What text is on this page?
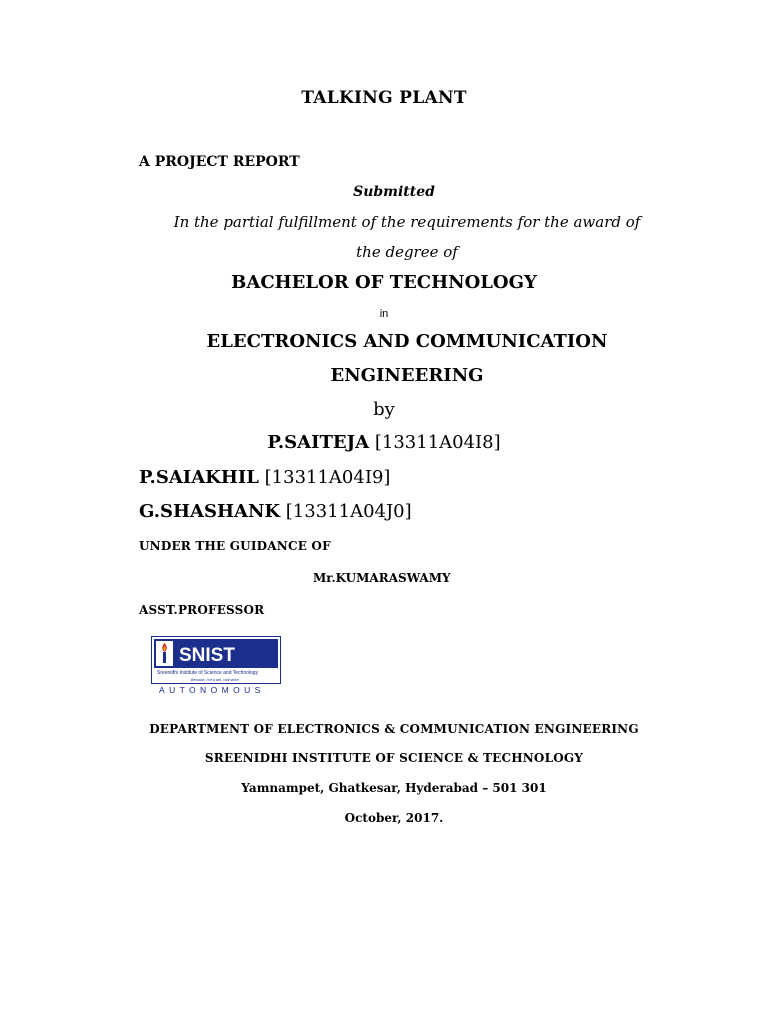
TALKING PLANT
A PROJECT REPORT
Submitted
In the partial fulfillment of the requirements for the award of
the degree of
BACHELOR OF TECHNOLOGY
in
ELECTRONICS AND COMMUNICATION
ENGINEERING
by
P.SAITEJA [13311A04I8]
P.SAIAKHIL [13311A04I9]
G.SHASHANK [13311A04J0]
UNDER THE GUIDANCE OF
Mr.KUMARASWAMY
ASST.PROFESSOR
SNIST
Sreenidhi Institute of Science and Technology
Because, I've a will, I will strive
AUTONOMOUS
DEPARTMENT OF ELECTRONICS & COMMUNICATION ENGINEERING
SREENIDHI INSTITUTE OF SCIENCE & TECHNOLOGY
Yamnampet, Ghatkesar, Hyderabad – 501 301
October, 2017.
